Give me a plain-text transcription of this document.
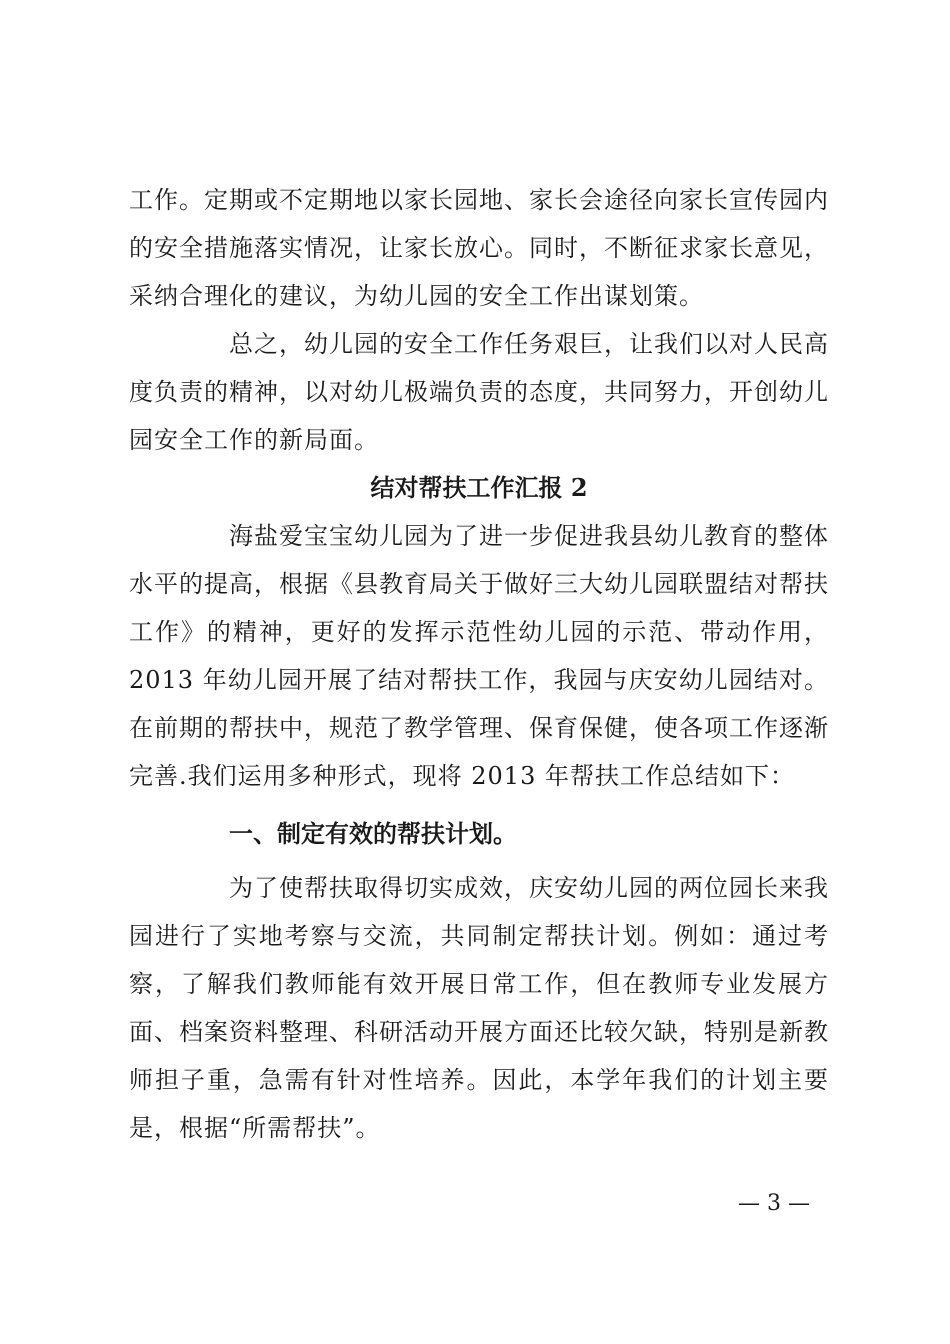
工作。定期或不定期地以家长园地、家长会途径向家长宣传园内的安全措施落实情况，让家长放心。同时，不断征求家长意见，采纳合理化的建议，为幼儿园的安全工作出谋划策。

总之，幼儿园的安全工作任务艰巨，让我们以对人民高度负责的精神，以对幼儿极端负责的态度，共同努力，开创幼儿园安全工作的新局面。

结对帮扶工作汇报 2

海盐爱宝宝幼儿园为了进一步促进我县幼儿教育的整体水平的提高，根据《县教育局关于做好三大幼儿园联盟结对帮扶工作》的精神，更好的发挥示范性幼儿园的示范、带动作用，2013 年幼儿园开展了结对帮扶工作，我园与庆安幼儿园结对。在前期的帮扶中，规范了教学管理、保育保健，使各项工作逐渐完善.我们运用多种形式，现将 2013 年帮扶工作总结如下：

一、制定有效的帮扶计划。

为了使帮扶取得切实成效，庆安幼儿园的两位园长来我园进行了实地考察与交流，共同制定帮扶计划。例如：通过考察，了解我们教师能有效开展日常工作，但在教师专业发展方面、档案资料整理、科研活动开展方面还比较欠缺，特别是新教师担子重，急需有针对性培养。因此，本学年我们的计划主要是，根据“所需帮扶”。

— 3 —
